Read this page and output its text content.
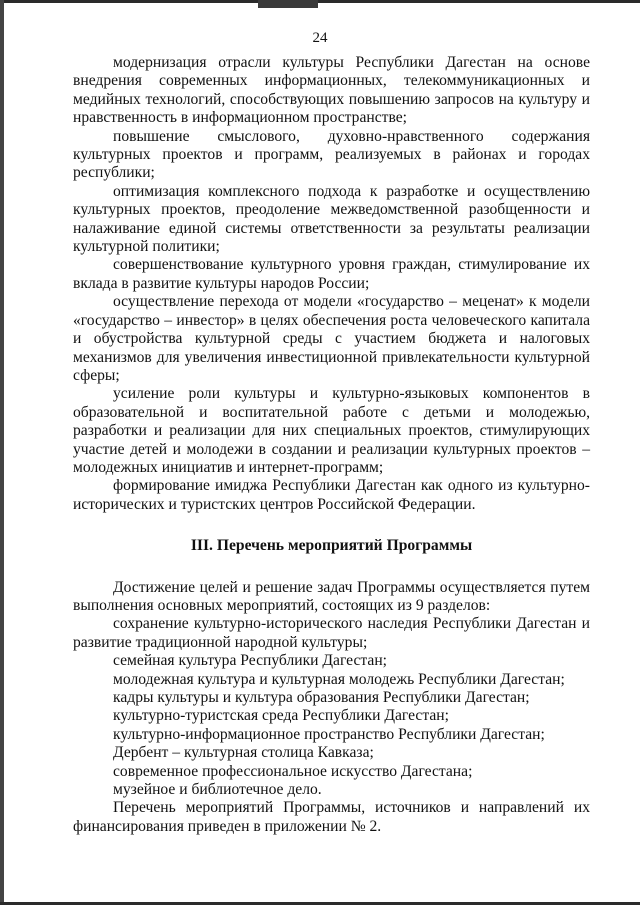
24

модернизация отрасли культуры Республики Дагестан на основе внедрения современных информационных, телекоммуникационных и медийных технологий, способствующих повышению запросов на культуру и нравственность в информационном пространстве;

повышение смыслового, духовно-нравственного содержания культурных проектов и программ, реализуемых в районах и городах республики;

оптимизация комплексного подхода к разработке и осуществлению культурных проектов, преодоление межведомственной разобщенности и налаживание единой системы ответственности за результаты реализации культурной политики;

совершенствование культурного уровня граждан, стимулирование их вклада в развитие культуры народов России;

осуществление перехода от модели «государство – меценат» к модели «государство – инвестор» в целях обеспечения роста человеческого капитала и обустройства культурной среды с участием бюджета и налоговых механизмов для увеличения инвестиционной привлекательности культурной сферы;

усиление роли культуры и культурно-языковых компонентов в образовательной и воспитательной работе с детьми и молодежью, разработки и реализации для них специальных проектов, стимулирующих участие детей и молодежи в создании и реализации культурных проектов – молодежных инициатив и интернет-программ;

формирование имиджа Республики Дагестан как одного из культурно-исторических и туристских центров Российской Федерации.

III. Перечень мероприятий Программы

Достижение целей и решение задач Программы осуществляется путем выполнения основных мероприятий, состоящих из 9 разделов:

сохранение культурно-исторического наследия Республики Дагестан и развитие традиционной народной культуры;

семейная культура Республики Дагестан;

молодежная культура и культурная молодежь Республики Дагестан;

кадры культуры и культура образования Республики Дагестан;

культурно-туристская среда Республики Дагестан;

культурно-информационное пространство Республики Дагестан;

Дербент – культурная столица Кавказа;

современное профессиональное искусство Дагестана;

музейное и библиотечное дело.

Перечень мероприятий Программы, источников и направлений их финансирования приведен в приложении № 2.
